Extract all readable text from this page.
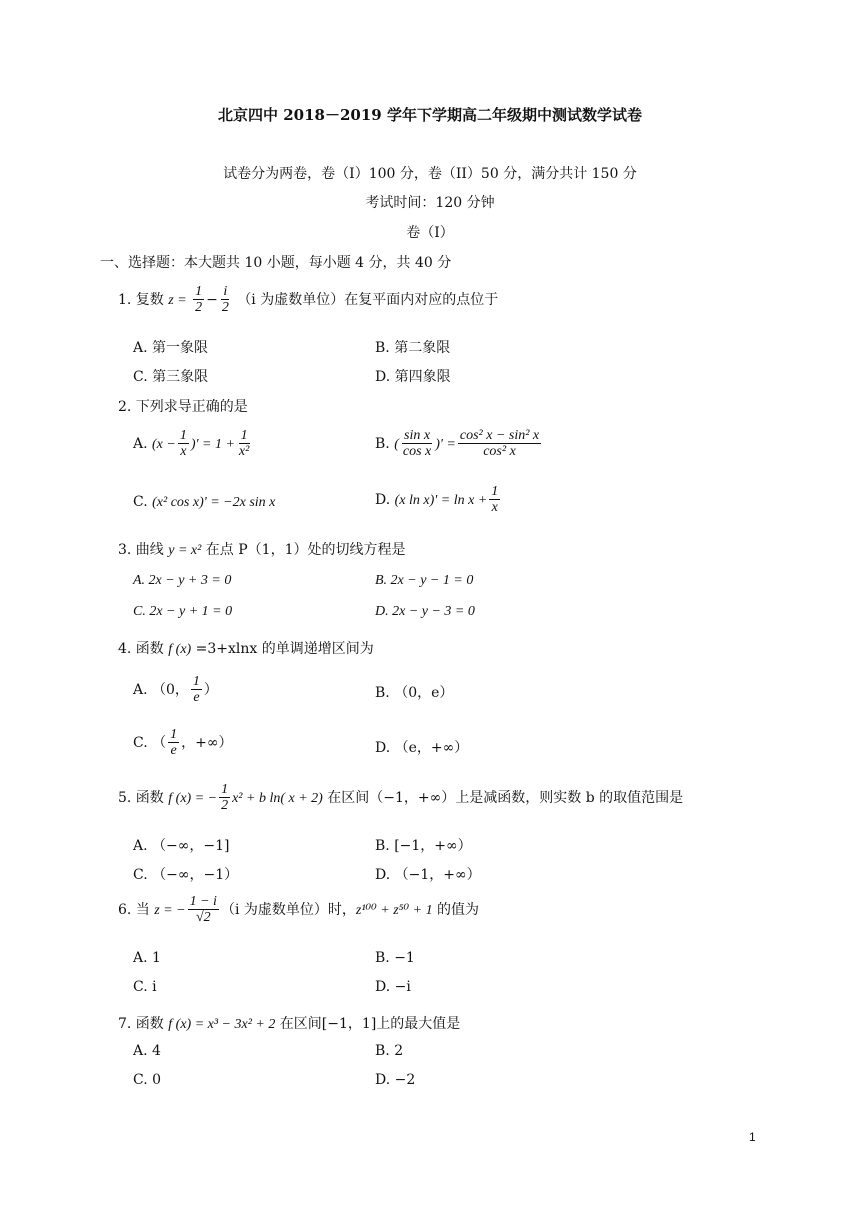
北京四中 2018－2019 学年下学期高二年级期中测试数学试卷
试卷分为两卷，卷（I）100 分，卷（II）50 分，满分共计 150 分
考试时间：120 分钟
卷（I）
一、选择题：本大题共 10 小题，每小题 4 分，共 40 分
1. 复数 $z = \frac{1}{2} - \frac{i}{2} (i$ 为虚数单位）在复平面内对应的点位于
A. 第一象限	B. 第二象限
C. 第三象限	D. 第四象限
2. 下列求导正确的是
A. ($x - \frac{1}{x}$ )' = $1 + \frac{1}{\text{x²}}$	B. ( $\frac{\text{sin x}}{\text{cos x}}$ )' = $\frac{\text{cos² x − sin² x}}{\text{cos² x}}$
C. (x² cos x)' = −2x sin x	D. (x $\ln x)' = \ln x + \frac{1}{x}$
3. 曲线 y = x² 在点 P（1，1）处的切线方程是
A. 2x − y + 3 = 0	B. 2x − y − 1 = 0
C. 2x − y + 1 = 0	D. 2x − y − 3 = 0
4. 函数 f (x) =3+xlnx 的单调递增区间为
A. （0， $\frac{1}{e}$ ）	B. （0，e）
C. （ $\frac{1}{e}$ ，+∞）	D. （e，+∞）
5. 函数 f (x) = − $\frac{1}{2} x^2 + b$ ln( x + 2) 在区间（−1，+∞）上是减函数，则实数 b 的取值范围是
A. （−∞，−1]	B. [−1，+∞）
C. （−∞，−1）	D. （−1，+∞）
6. 当 z = − $\frac{1 - i}{√2} (i$ 为虚数单位）时，z¹⁰⁰ + z⁵⁰ + 1 的值为
A. 1	B. −1
C. i	D. −i
7. 函数 f (x) = x³ − 3x² + 2 在区间[−1，1]上的最大值是
A. 4	B. 2
C. 0	D. −2
1
